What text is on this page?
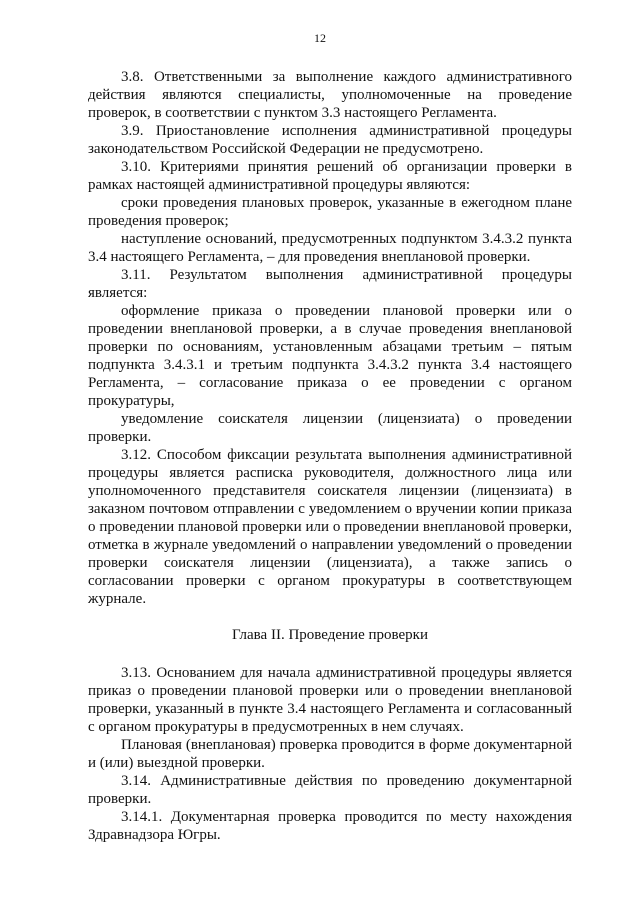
12

3.8. Ответственными за выполнение каждого административного действия являются специалисты, уполномоченные на проведение проверок, в соответствии с пунктом 3.3 настоящего Регламента.

3.9. Приостановление исполнения административной процедуры законодательством Российской Федерации не предусмотрено.

3.10. Критериями принятия решений об организации проверки в рамках настоящей административной процедуры являются:

сроки проведения плановых проверок, указанные в ежегодном плане проведения проверок;

наступление оснований, предусмотренных подпунктом 3.4.3.2 пункта 3.4 настоящего Регламента, – для проведения внеплановой проверки.

3.11. Результатом выполнения административной процедуры является:

оформление приказа о проведении плановой проверки или о проведении внеплановой проверки, а в случае проведения внеплановой проверки по основаниям, установленным абзацами третьим – пятым подпункта 3.4.3.1 и третьим подпункта 3.4.3.2 пункта 3.4 настоящего Регламента, – согласование приказа о ее проведении с органом прокуратуры,

уведомление соискателя лицензии (лицензиата) о проведении проверки.

3.12. Способом фиксации результата выполнения административной процедуры является расписка руководителя, должностного лица или уполномоченного представителя соискателя лицензии (лицензиата) в заказном почтовом отправлении с уведомлением о вручении копии приказа о проведении плановой проверки или о проведении внеплановой проверки, отметка в журнале уведомлений о направлении уведомлений о проведении проверки соискателя лицензии (лицензиата), а также запись о согласовании проверки с органом прокуратуры в соответствующем журнале.

Глава II. Проведение проверки

3.13. Основанием для начала административной процедуры является приказ о проведении плановой проверки или о проведении внеплановой проверки, указанный в пункте 3.4 настоящего Регламента и согласованный с органом прокуратуры в предусмотренных в нем случаях.

Плановая (внеплановая) проверка проводится в форме документарной и (или) выездной проверки.

3.14. Административные действия по проведению документарной проверки.

3.14.1. Документарная проверка проводится по месту нахождения Здравнадзора Югры.
